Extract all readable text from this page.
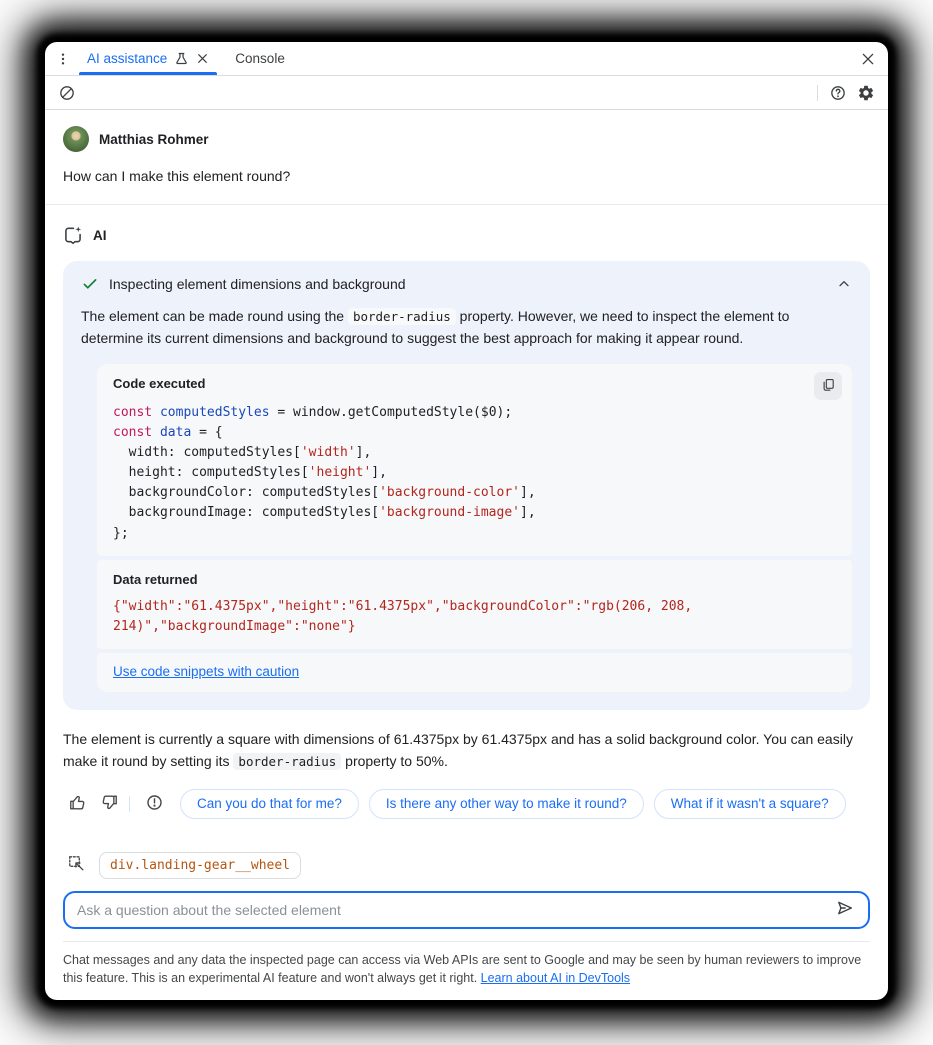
AI assistance	Console
Matthias Rohmer
How can I make this element round?
AI
Inspecting element dimensions and background
The element can be made round using the border-radius property. However, we need to inspect the element to determine its current dimensions and background to suggest the best approach for making it appear round.
Code executed
const computedStyles = window.getComputedStyle($0);
const data = {
width: computedStyles['width'],
height: computedStyles['height'],
backgroundColor: computedStyles['background-color'],
backgroundImage: computedStyles['background-image'],
};
Data returned
{"width":"61.4375px","height":"61.4375px","backgroundColor":"rgb(206, 208, 214)","backgroundImage":"none"}
Use code snippets with caution
The element is currently a square with dimensions of 61.4375px by 61.4375px and has a solid background color. You can easily make it round by setting its border-radius property to 50%.
Can you do that for me?	Is there any other way to make it round?	What if it wasn't a square?
div.landing-gear__wheel
Ask a question about the selected element
Chat messages and any data the inspected page can access via Web APIs are sent to Google and may be seen by human reviewers to improve this feature. This is an experimental AI feature and won't always get it right. Learn about AI in DevTools
